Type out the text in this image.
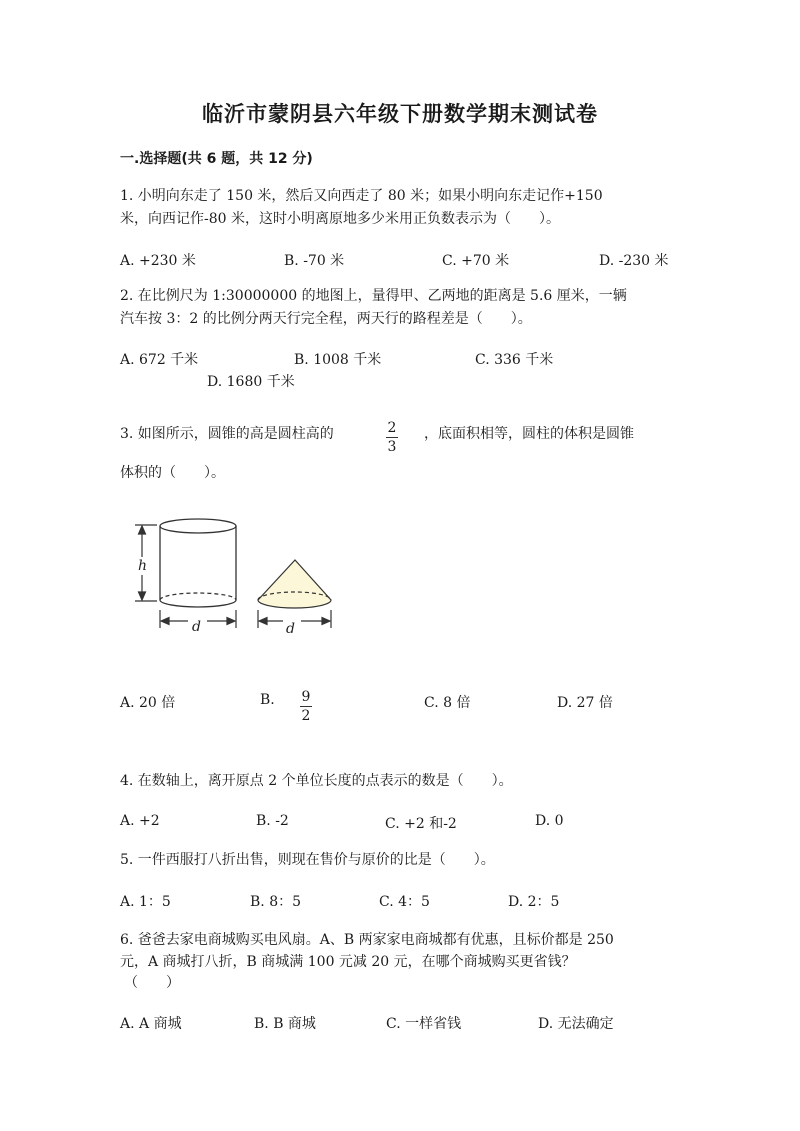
临沂市蒙阴县六年级下册数学期末测试卷
一.选择题(共 6 题，共 12 分)
1. 小明向东走了 150 米，然后又向西走了 80 米；如果小明向东走记作+150
米，向西记作-80 米，这时小明离原地多少米用正负数表示为（　　）。
A. +230 米	B. -70 米	C. +70 米	D. -230 米
2. 在比例尺为 1:30000000 的地图上，量得甲、乙两地的距离是 5.6 厘米，一辆
汽车按 3：2 的比例分两天行完全程，两天行的路程差是（　　）。
A. 672 千米	B. 1008 千米	C. 336 千米
D. 1680 千米
3. 如图所示，圆锥的高是圆柱高的	$\frac{2}{3}$ ，底面积相等，圆柱的体积是圆锥
体积的（　　）。
h
d	d
A. 20 倍	B. $\frac{9}{2}$	C. 8 倍	D. 27 倍
4. 在数轴上，离开原点 2 个单位长度的点表示的数是（　　）。
A. +2	B. -2	C. +2 和-2	D. 0
5. 一件西服打八折出售，则现在售价与原价的比是（　　）。
A. 1：5	B. 8：5	C. 4：5	D. 2：5
6. 爸爸去家电商城购买电风扇。A、B 两家家电商城都有优惠，且标价都是 250
元，A 商城打八折，B 商城满 100 元减 20 元，在哪个商城购买更省钱？
（　　）
A. A 商城	B. B 商城	C. 一样省钱	D. 无法确定
